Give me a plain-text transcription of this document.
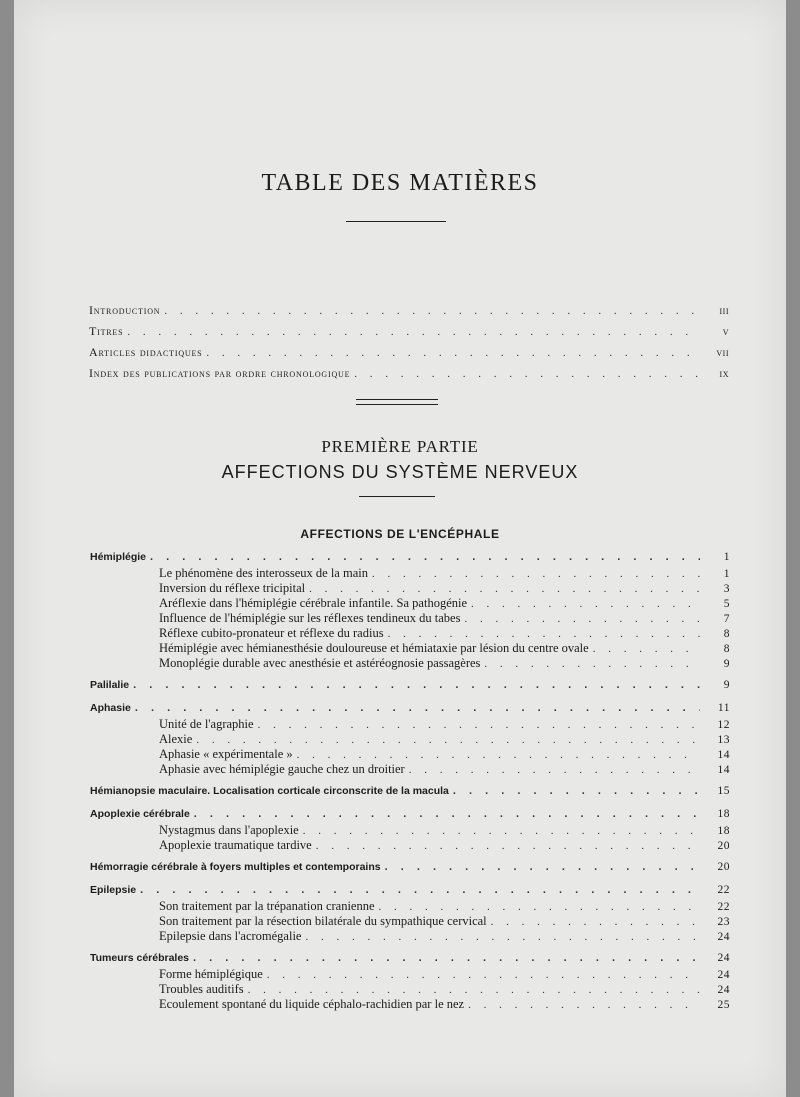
TABLE DES MATIÈRES
Introduction . . .	iii
Titres . . .	v
Articles didactiques . . .	vii
Index des publications par ordre chronologique . . .	ix
PREMIÈRE PARTIE
AFFECTIONS DU SYSTÈME NERVEUX
AFFECTIONS DE L'ENCÉPHALE
Hémiplégie . . .	1
Le phénomène des interosseux de la main . . .	1
Inversion du réflexe tricipital . . .	3
Aréflexie dans l'hémiplégie cérébrale infantile. Sa pathogénie . . .	5
Influence de l'hémiplégie sur les réflexes tendineux du tabes . . .	7
Réflexe cubito-pronateur et réflexe du radius . . .	8
Hémiplégie avec hémianesthésie douloureuse et hémiataxie par lésion du centre ovale . . .	8
Monoplégie durable avec anesthésie et astéréognosie passagères . . .	9
Palilalie . . .	9
Aphasie . . .	11
Unité de l'agraphie . . .	12
Alexie . . .	13
Aphasie « expérimentale » . . .	14
Aphasie avec hémiplégie gauche chez un droitier . . .	14
Hémianopsie maculaire. Localisation corticale circonscrite de la macula . . .	15
Apoplexie cérébrale . . .	18
Nystagmus dans l'apoplexie . . .	18
Apoplexie traumatique tardive . . .	20
Hémorragie cérébrale à foyers multiples et contemporains . . .	20
Epilepsie . . .	22
Son traitement par la trépanation cranienne . . .	22
Son traitement par la résection bilatérale du sympathique cervical . . .	23
Epilepsie dans l'acromégalie . . .	24
Tumeurs cérébrales . . .	24
Forme hémiplégique . . .	24
Troubles auditifs . . .	24
Ecoulement spontané du liquide céphalo-rachidien par le nez . . .	25
